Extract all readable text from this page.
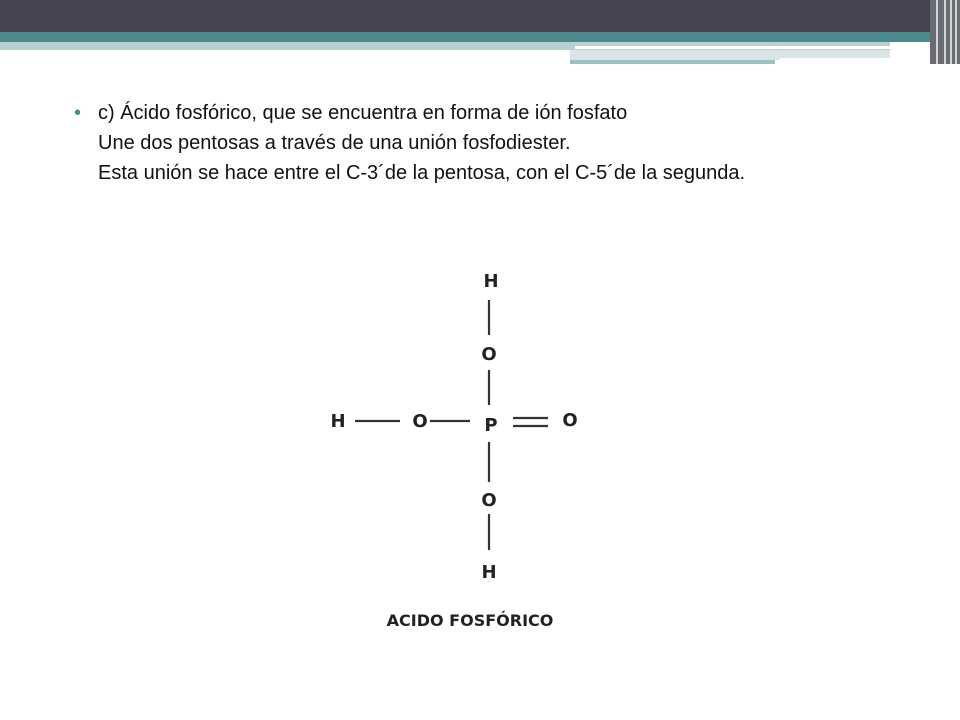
• c) Ácido fosfórico, que se encuentra en forma de ión fosfato
Une dos pentosas a través de una unión fosfodiester.
Esta unión se hace entre el C-3´de la pentosa, con el C-5´de la segunda.
H
O
H	O	P	O
O
H
ACIDO FOSFÓRICO
